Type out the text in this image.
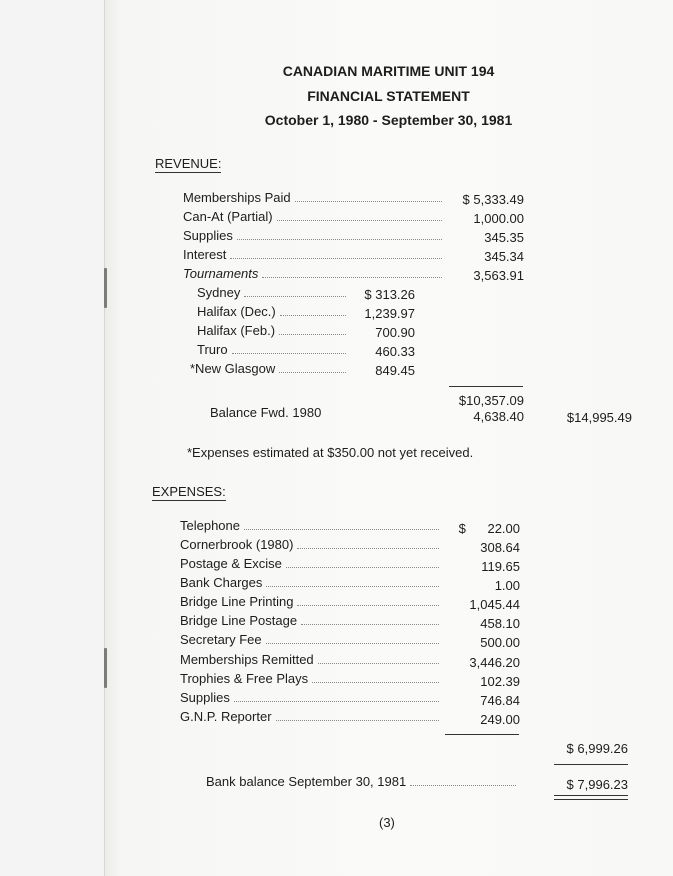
CANADIAN MARITIME UNIT 194
FINANCIAL STATEMENT
October 1, 1980 - September 30, 1981
REVENUE:
Memberships Paid	$ 5,333.49
Can-At (Partial)	1,000.00
Supplies	345.35
Interest	345.34
Tournaments	3,563.91
Sydney	$ 313.26
Halifax (Dec.)	1,239.97
Halifax (Feb.)	700.90
Truro	460.33
*New Glasgow	849.45
$10,357.09
Balance Fwd. 1980	4,638.40	$14,995.49
*Expenses estimated at $350.00 not yet received.
EXPENSES:
Telephone	$      22.00
Cornerbrook (1980)	308.64
Postage & Excise	119.65
Bank Charges	1.00
Bridge Line Printing	1,045.44
Bridge Line Postage	458.10
Secretary Fee	500.00
Memberships Remitted	3,446.20
Trophies & Free Plays	102.39
Supplies	746.84
G.N.P. Reporter	249.00
$ 6,999.26
Bank balance September 30, 1981	$ 7,996.23
(3)
